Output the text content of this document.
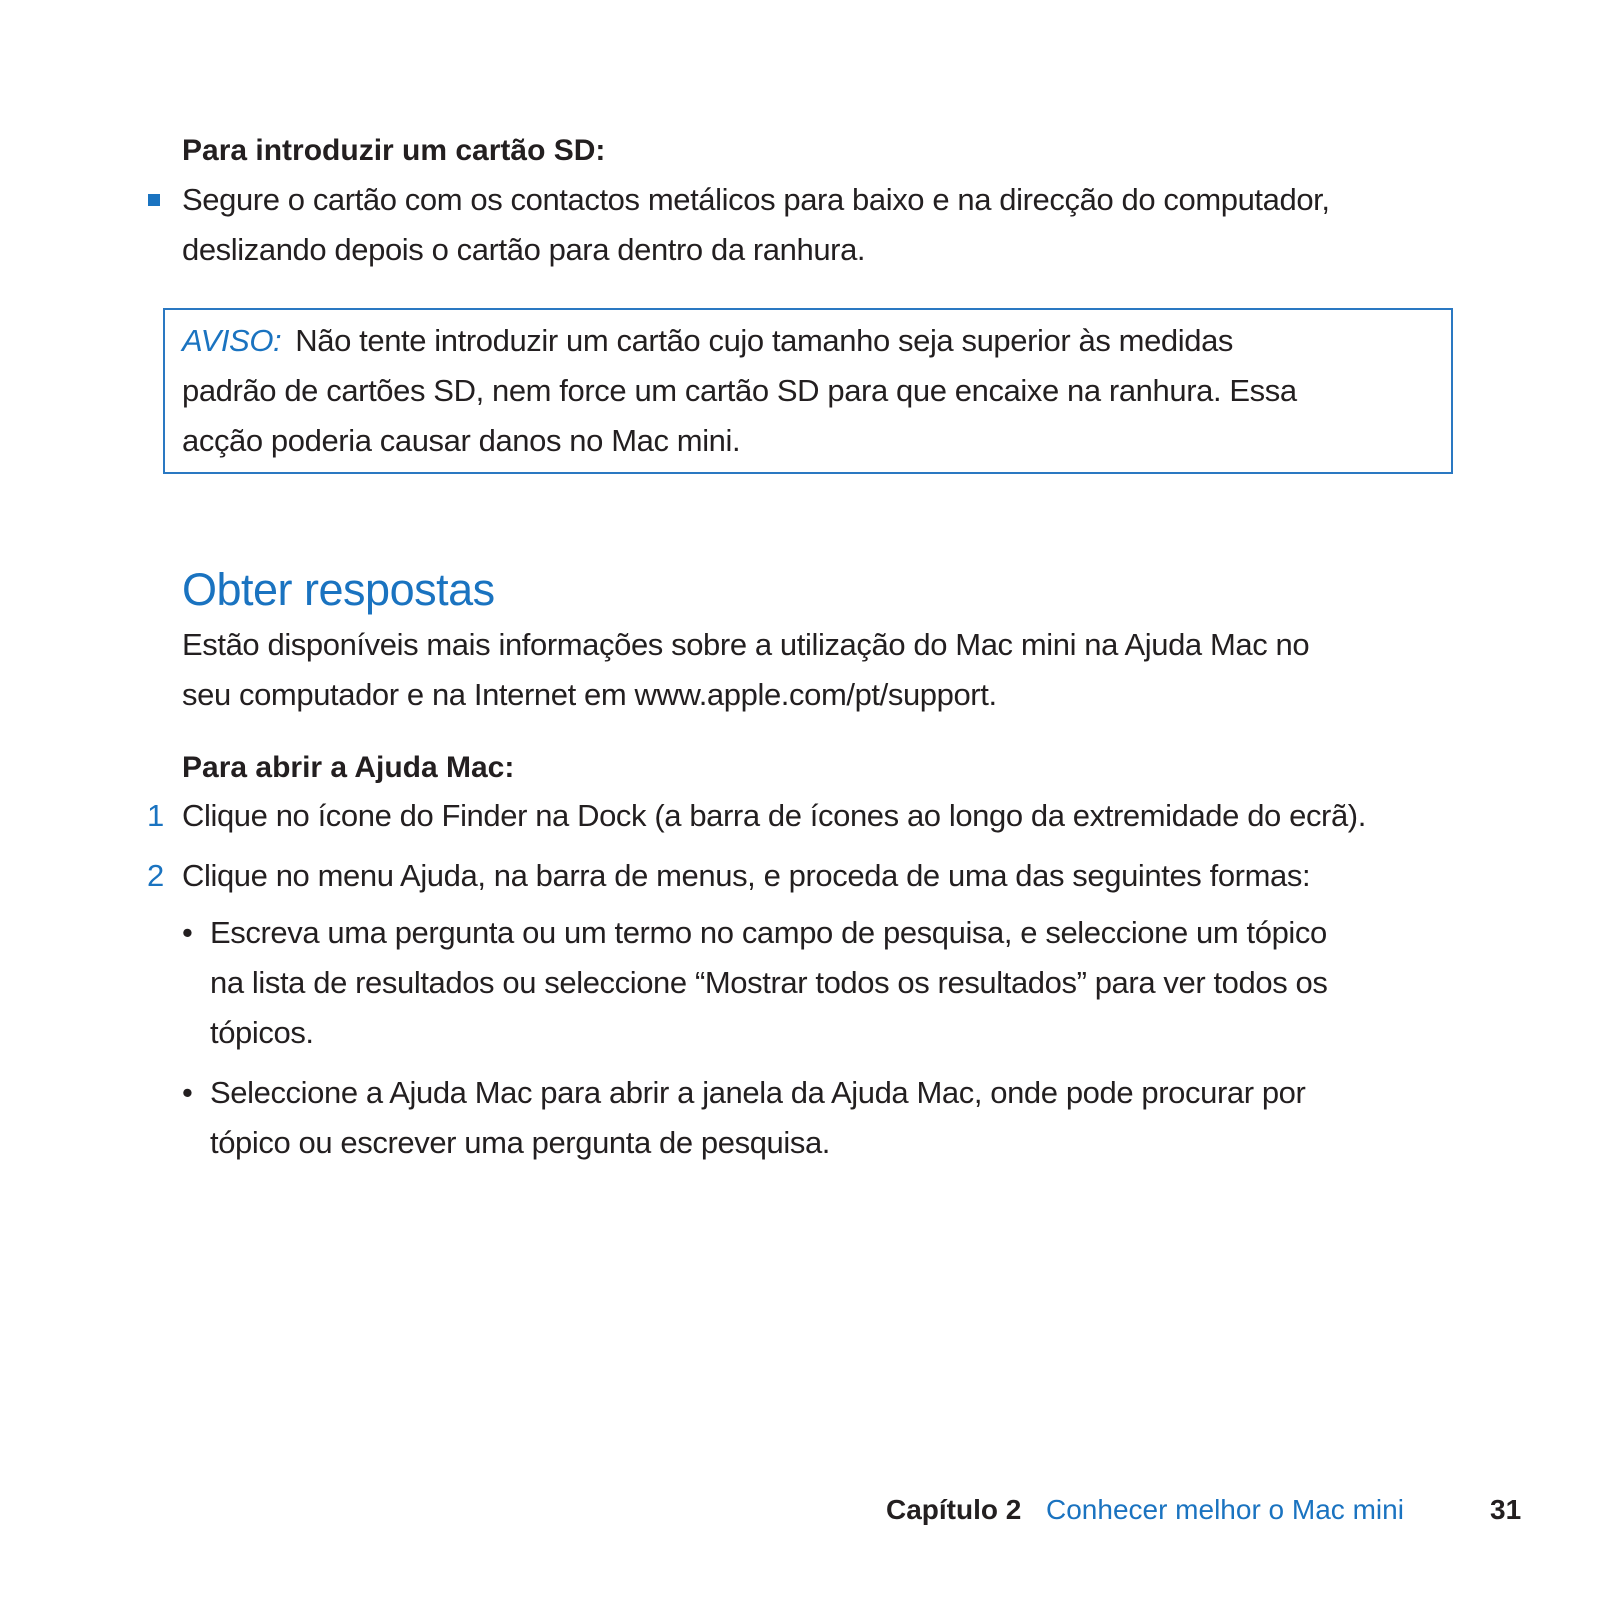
Para introduzir um cartão SD:
Segure o cartão com os contactos metálicos para baixo e na direcção do computador,
deslizando depois o cartão para dentro da ranhura.
AVISO: Não tente introduzir um cartão cujo tamanho seja superior às medidas
padrão de cartões SD, nem force um cartão SD para que encaixe na ranhura. Essa
acção poderia causar danos no Mac mini.
Obter respostas
Estão disponíveis mais informações sobre a utilização do Mac mini na Ajuda Mac no
seu computador e na Internet em www.apple.com/pt/support.
Para abrir a Ajuda Mac:
1 Clique no ícone do Finder na Dock (a barra de ícones ao longo da extremidade do ecrã).
2 Clique no menu Ajuda, na barra de menus, e proceda de uma das seguintes formas:
• Escreva uma pergunta ou um termo no campo de pesquisa, e seleccione um tópico
na lista de resultados ou seleccione “Mostrar todos os resultados” para ver todos os
tópicos.
• Seleccione a Ajuda Mac para abrir a janela da Ajuda Mac, onde pode procurar por
tópico ou escrever uma pergunta de pesquisa.
Capítulo 2 Conhecer melhor o Mac mini	31
